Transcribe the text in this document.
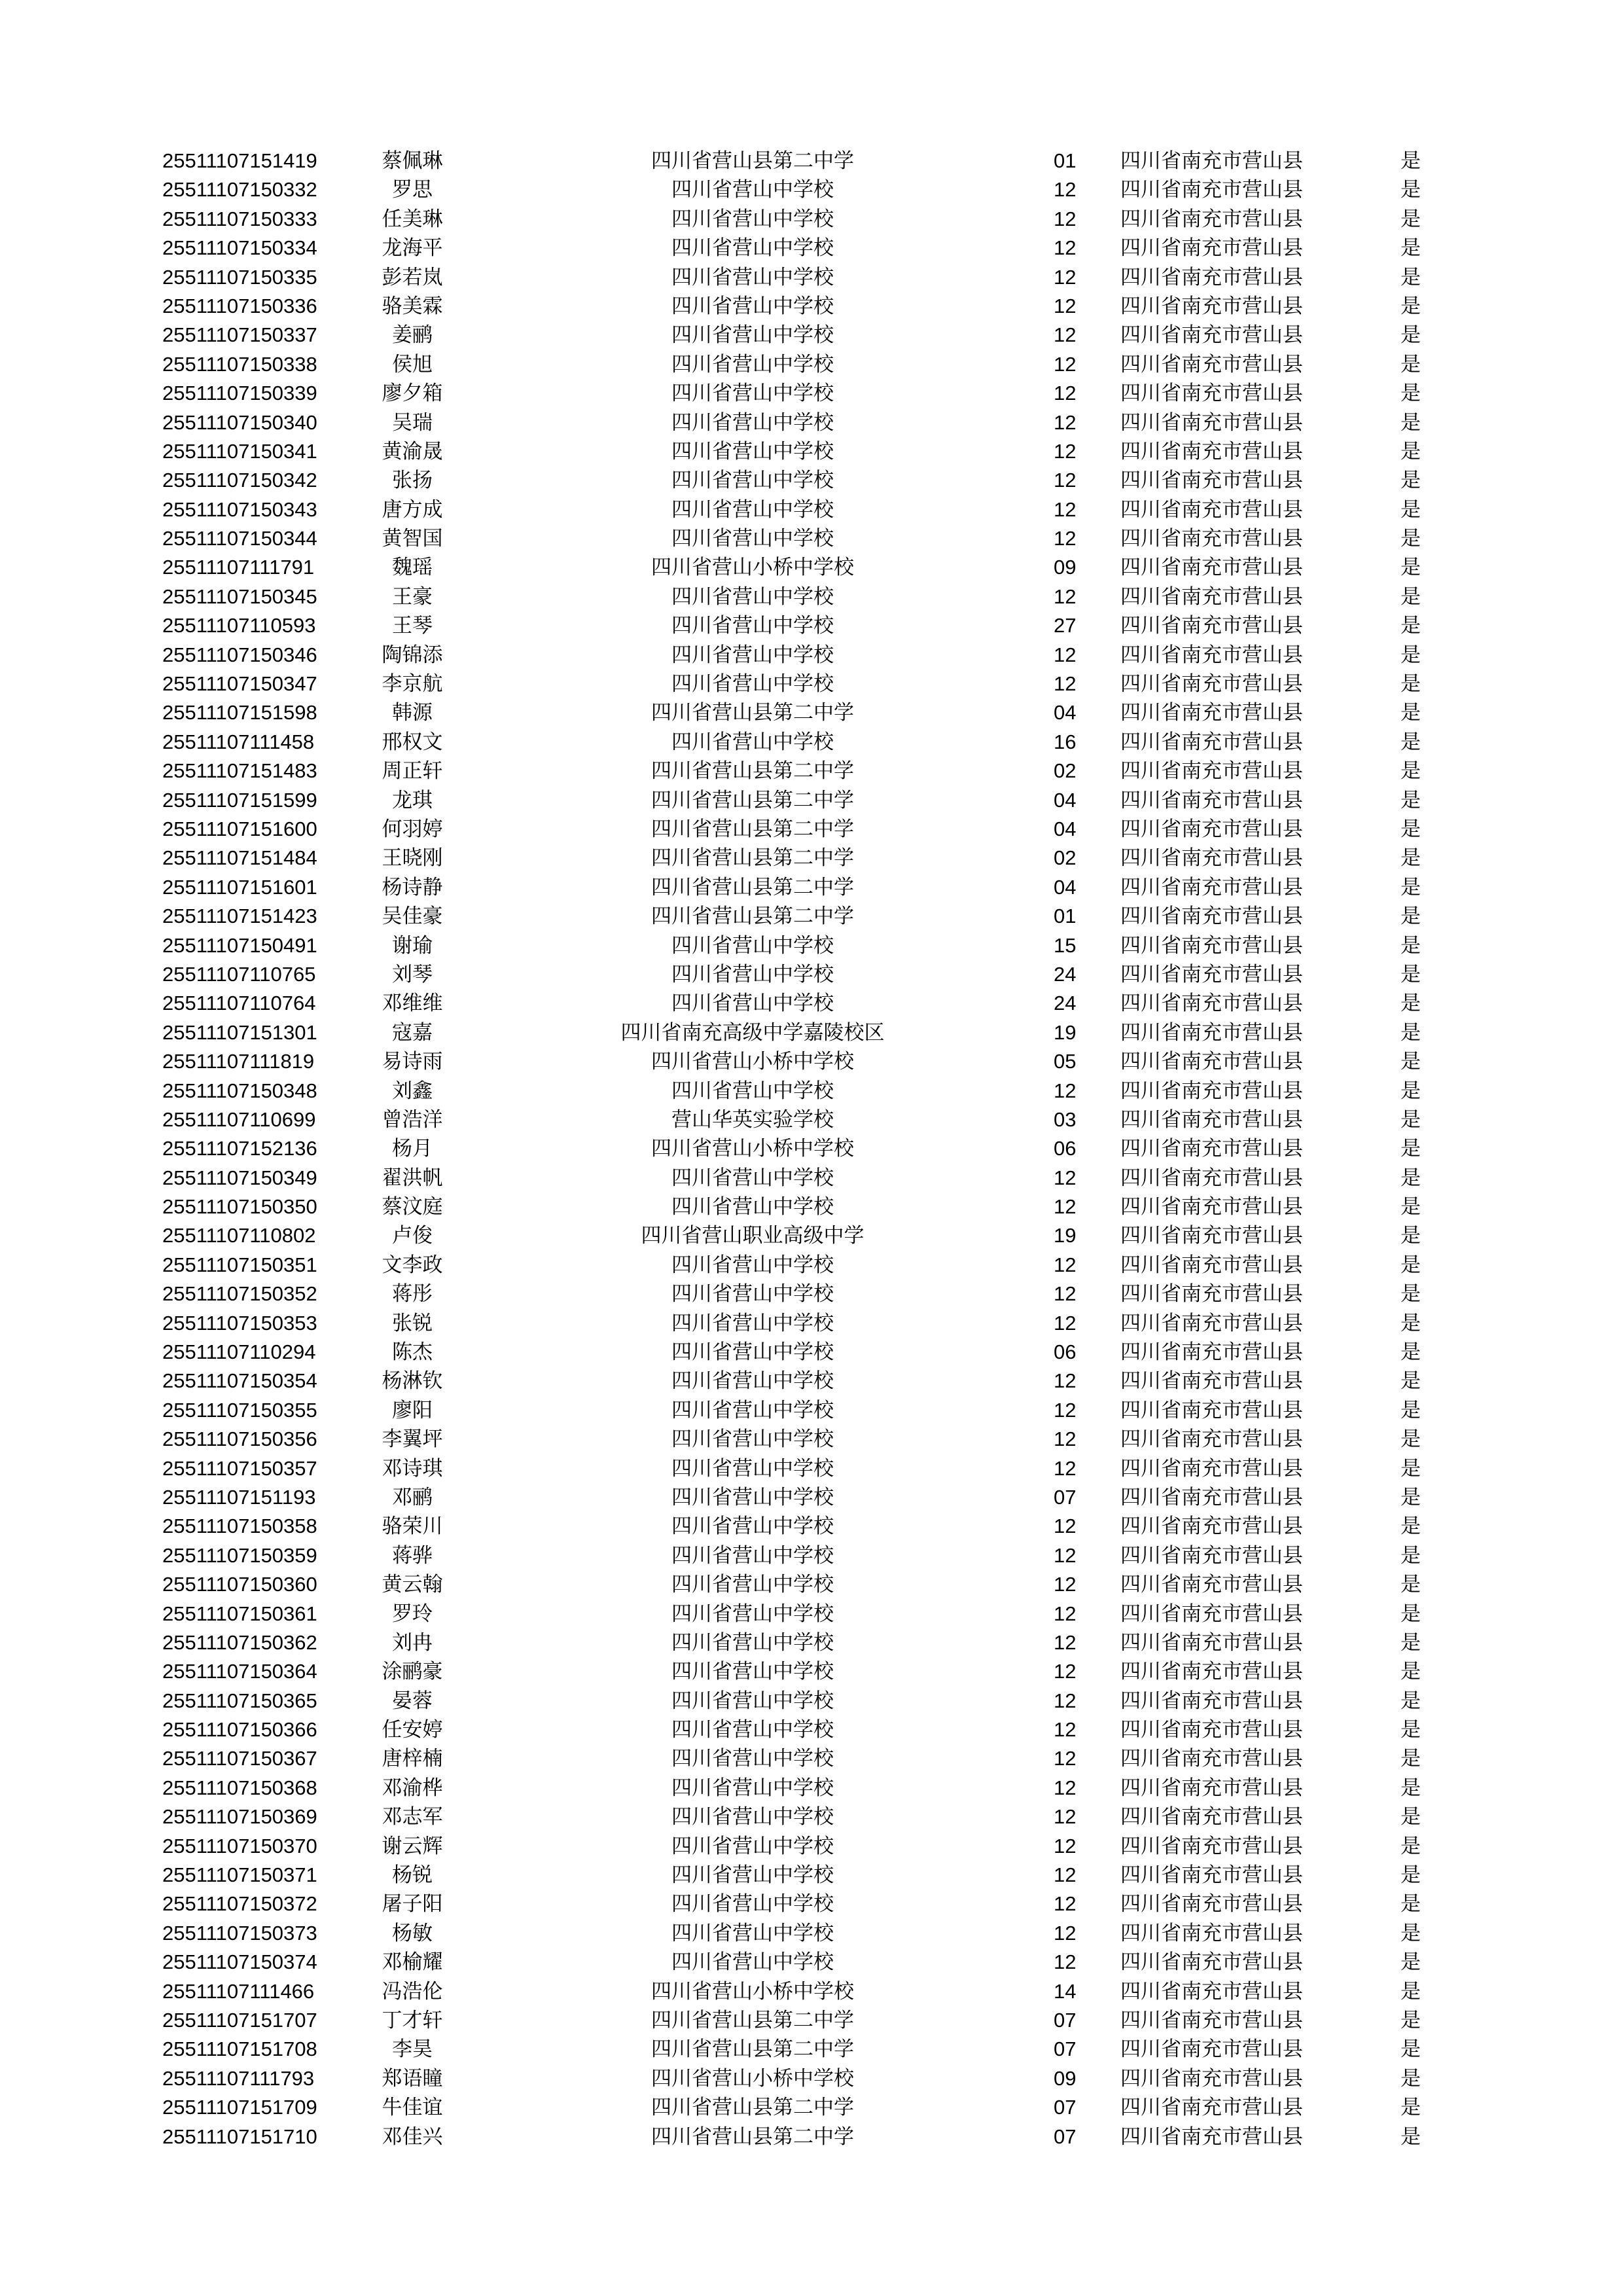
25511107151419	蔡佩琳	四川省营山县第二中学	01 四川省南充市营山县	是
25511107150332	罗思	四川省营山中学校	12 四川省南充市营山县	是
25511107150333	任美琳	四川省营山中学校	12 四川省南充市营山县	是
25511107150334	龙海平	四川省营山中学校	12 四川省南充市营山县	是
25511107150335	彭若岚	四川省营山中学校	12 四川省南充市营山县	是
25511107150336	骆美霖	四川省营山中学校	12 四川省南充市营山县	是
25511107150337	姜鹂	四川省营山中学校	12 四川省南充市营山县	是
25511107150338	侯旭	四川省营山中学校	12 四川省南充市营山县	是
25511107150339	廖夕箱	四川省营山中学校	12 四川省南充市营山县	是
25511107150340	吴瑞	四川省营山中学校	12 四川省南充市营山县	是
25511107150341	黄渝晟	四川省营山中学校	12 四川省南充市营山县	是
25511107150342	张扬	四川省营山中学校	12 四川省南充市营山县	是
25511107150343	唐方成	四川省营山中学校	12 四川省南充市营山县	是
25511107150344	黄智国	四川省营山中学校	12 四川省南充市营山县	是
25511107111791	魏瑶	四川省营山小桥中学校	09 四川省南充市营山县	是
25511107150345	王豪	四川省营山中学校	12 四川省南充市营山县	是
25511107110593	王琴	四川省营山中学校	27 四川省南充市营山县	是
25511107150346	陶锦添	四川省营山中学校	12 四川省南充市营山县	是
25511107150347	李京航	四川省营山中学校	12 四川省南充市营山县	是
25511107151598	韩源	四川省营山县第二中学	04 四川省南充市营山县	是
25511107111458	邢权文	四川省营山中学校	16 四川省南充市营山县	是
25511107151483	周正轩	四川省营山县第二中学	02 四川省南充市营山县	是
25511107151599	龙琪	四川省营山县第二中学	04 四川省南充市营山县	是
25511107151600	何羽婷	四川省营山县第二中学	04 四川省南充市营山县	是
25511107151484	王晓刚	四川省营山县第二中学	02 四川省南充市营山县	是
25511107151601	杨诗静	四川省营山县第二中学	04 四川省南充市营山县	是
25511107151423	吴佳豪	四川省营山县第二中学	01 四川省南充市营山县	是
25511107150491	谢瑜	四川省营山中学校	15 四川省南充市营山县	是
25511107110765	刘琴	四川省营山中学校	24 四川省南充市营山县	是
25511107110764	邓维维	四川省营山中学校	24 四川省南充市营山县	是
25511107151301	寇嘉	四川省南充高级中学嘉陵校区	19 四川省南充市营山县	是
25511107111819	易诗雨	四川省营山小桥中学校	05 四川省南充市营山县	是
25511107150348	刘鑫	四川省营山中学校	12 四川省南充市营山县	是
25511107110699	曾浩洋	营山华英实验学校	03 四川省南充市营山县	是
25511107152136	杨月	四川省营山小桥中学校	06 四川省南充市营山县	是
25511107150349	翟洪帆	四川省营山中学校	12 四川省南充市营山县	是
25511107150350	蔡汶庭	四川省营山中学校	12 四川省南充市营山县	是
25511107110802	卢俊	四川省营山职业高级中学	19 四川省南充市营山县	是
25511107150351	文李政	四川省营山中学校	12 四川省南充市营山县	是
25511107150352	蒋彤	四川省营山中学校	12 四川省南充市营山县	是
25511107150353	张锐	四川省营山中学校	12 四川省南充市营山县	是
25511107110294	陈杰	四川省营山中学校	06 四川省南充市营山县	是
25511107150354	杨淋钦	四川省营山中学校	12 四川省南充市营山县	是
25511107150355	廖阳	四川省营山中学校	12 四川省南充市营山县	是
25511107150356	李翼坪	四川省营山中学校	12 四川省南充市营山县	是
25511107150357	邓诗琪	四川省营山中学校	12 四川省南充市营山县	是
25511107151193	邓鹂	四川省营山中学校	07 四川省南充市营山县	是
25511107150358	骆荣川	四川省营山中学校	12 四川省南充市营山县	是
25511107150359	蒋骅	四川省营山中学校	12 四川省南充市营山县	是
25511107150360	黄云翰	四川省营山中学校	12 四川省南充市营山县	是
25511107150361	罗玲	四川省营山中学校	12 四川省南充市营山县	是
25511107150362	刘冉	四川省营山中学校	12 四川省南充市营山县	是
25511107150364	涂鹂豪	四川省营山中学校	12 四川省南充市营山县	是
25511107150365	晏蓉	四川省营山中学校	12 四川省南充市营山县	是
25511107150366	任安婷	四川省营山中学校	12 四川省南充市营山县	是
25511107150367	唐梓楠	四川省营山中学校	12 四川省南充市营山县	是
25511107150368	邓渝桦	四川省营山中学校	12 四川省南充市营山县	是
25511107150369	邓志军	四川省营山中学校	12 四川省南充市营山县	是
25511107150370	谢云辉	四川省营山中学校	12 四川省南充市营山县	是
25511107150371	杨锐	四川省营山中学校	12 四川省南充市营山县	是
25511107150372	屠子阳	四川省营山中学校	12 四川省南充市营山县	是
25511107150373	杨敏	四川省营山中学校	12 四川省南充市营山县	是
25511107150374	邓榆耀	四川省营山中学校	12 四川省南充市营山县	是
25511107111466	冯浩伦	四川省营山小桥中学校	14 四川省南充市营山县	是
25511107151707	丁才轩	四川省营山县第二中学	07 四川省南充市营山县	是
25511107151708	李昊	四川省营山县第二中学	07 四川省南充市营山县	是
25511107111793	郑语瞳	四川省营山小桥中学校	09 四川省南充市营山县	是
25511107151709	牛佳谊	四川省营山县第二中学	07 四川省南充市营山县	是
25511107151710	邓佳兴	四川省营山县第二中学	07 四川省南充市营山县	是
